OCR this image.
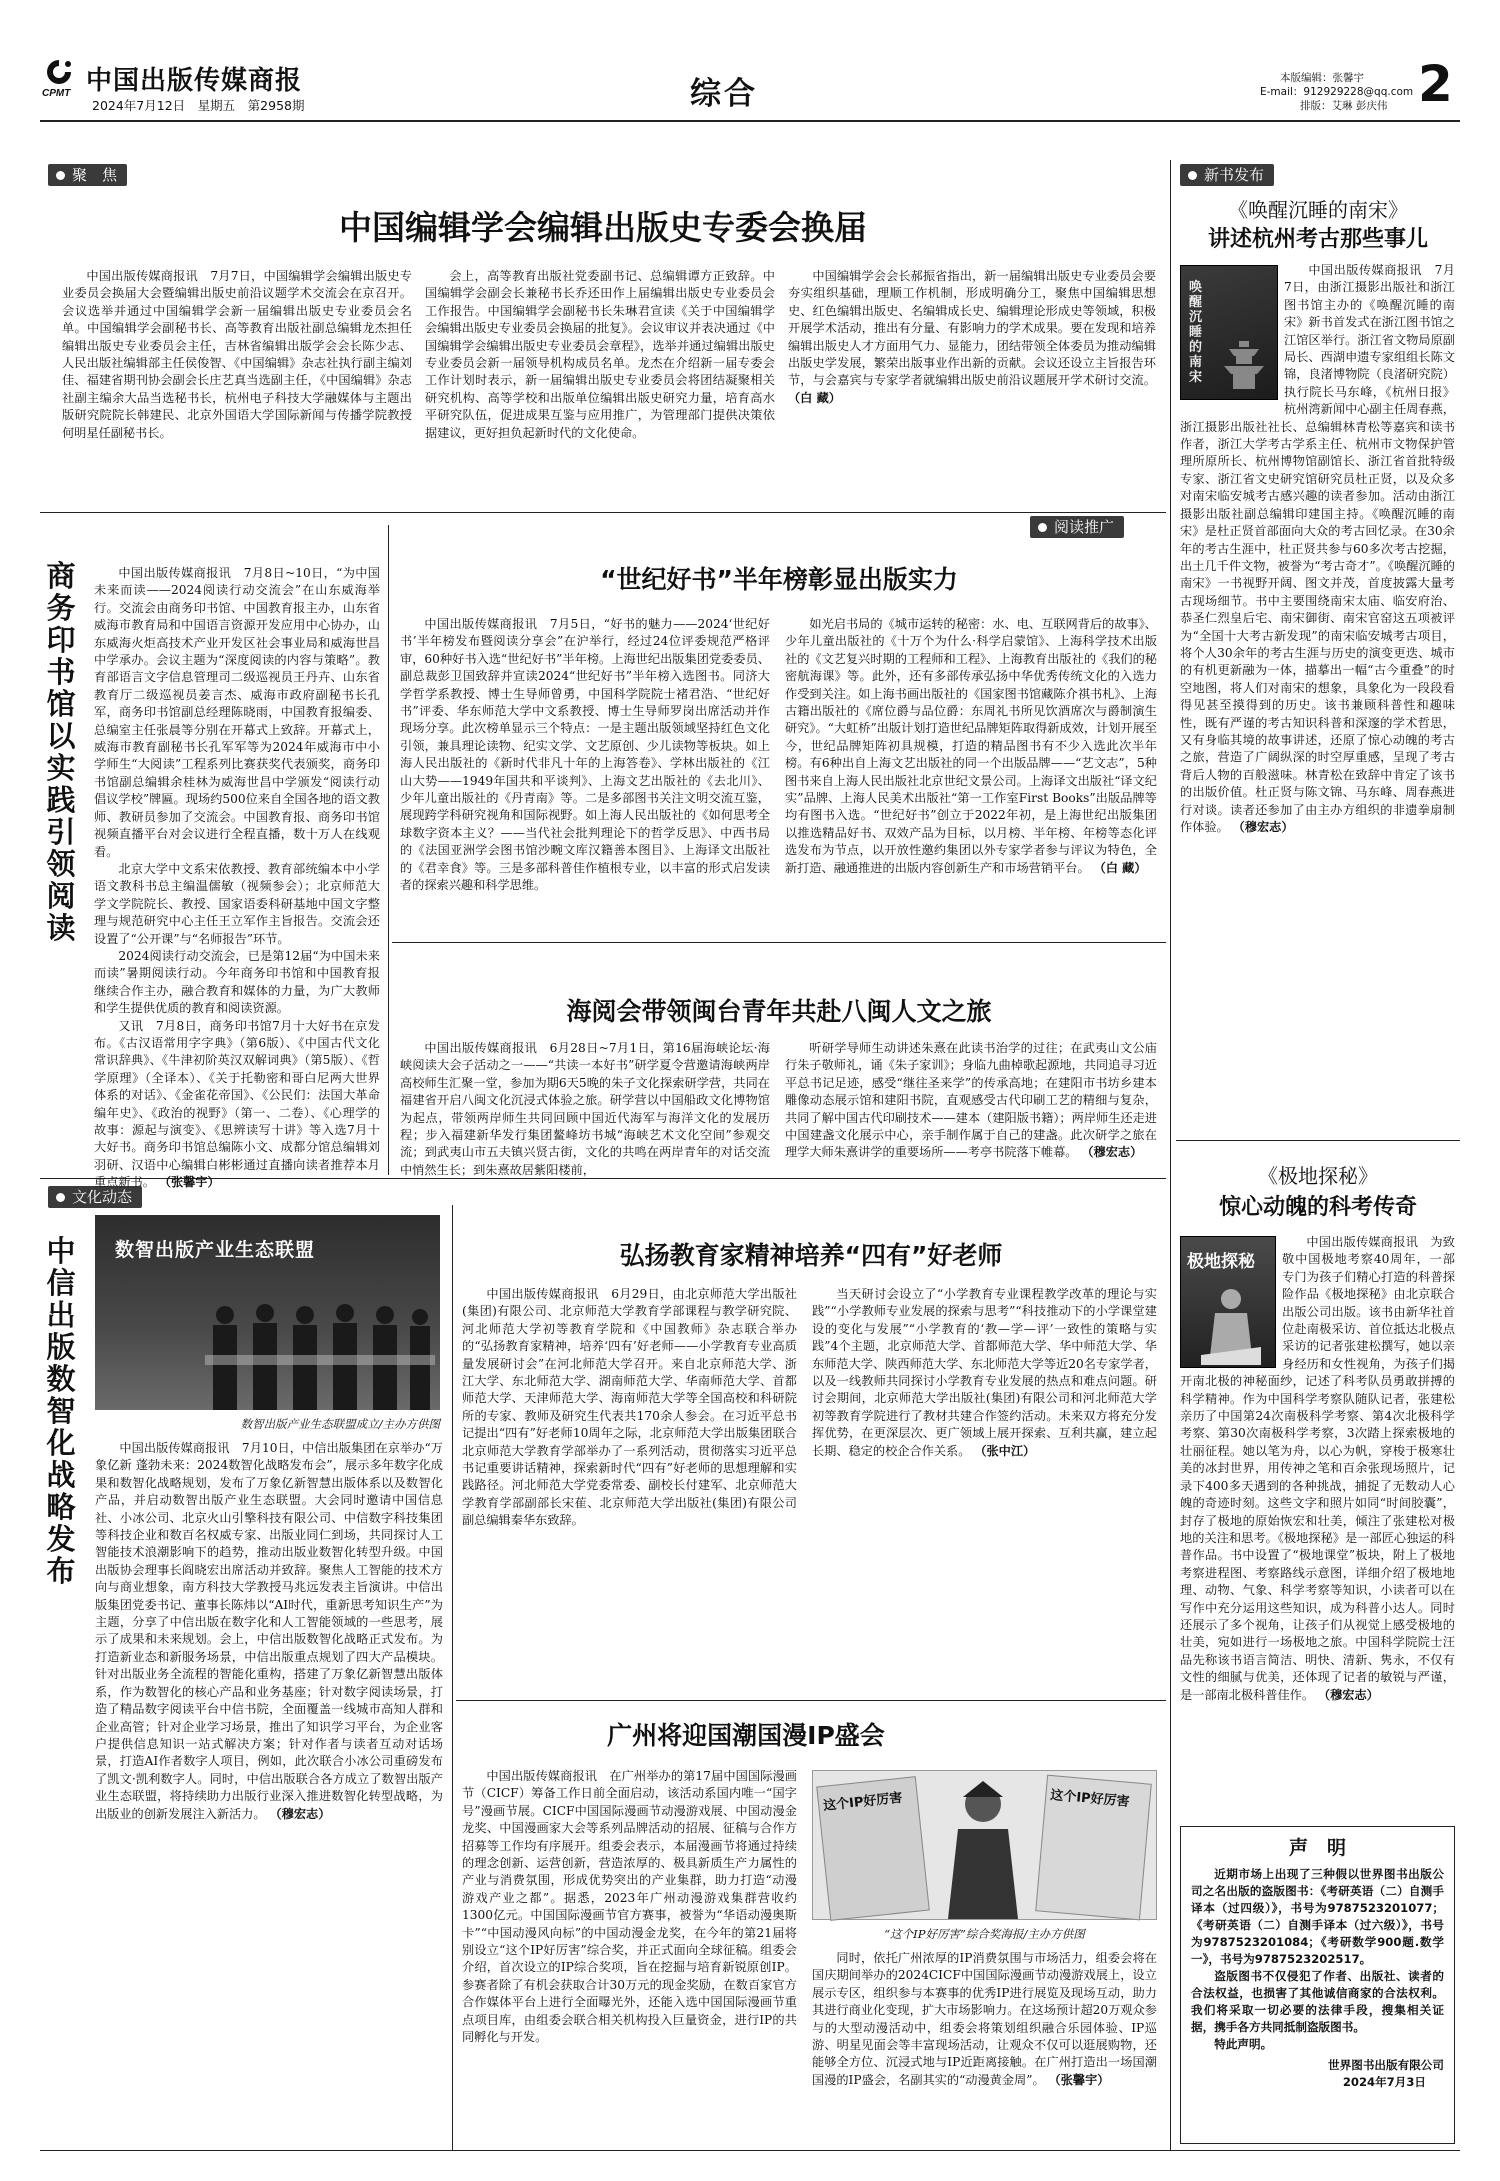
CPMT 中国出版传媒商报
2024年7月12日　星期五　第2958期	综合	本版编辑：张馨宇
E-mail：912929228@qq.com
排版：艾琳 彭庆伟 2
聚　焦	新书发布
阅读推广
文化动态
中国编辑学会编辑出版史专委会换届
中国出版传媒商报讯　7月7日，中国编辑学会编辑出版史专业委员会换届大会暨编辑出版史前沿议题学术交流会在京召开。会议选举并通过中国编辑学会新一届编辑出版史专业委员会名单。中国编辑学会副秘书长、高等教育出版社副总编辑龙杰担任编辑出版史专业委员会主任，吉林省编辑出版学会会长陈少志、人民出版社编辑部主任侯俊智、《中国编辑》杂志社执行副主编刘佳、福建省期刊协会副会长庄艺真当选副主任，《中国编辑》杂志社副主编余大品当选秘书长，杭州电子科技大学融媒体与主题出版研究院院长韩建民、北京外国语大学国际新闻与传播学院教授何明星任副秘书长。
会上，高等教育出版社党委副书记、总编辑谭方正致辞。中国编辑学会副会长兼秘书长乔还田作上届编辑出版史专业委员会工作报告。中国编辑学会副秘书长朱琳君宣读《关于中国编辑学会编辑出版史专业委员会换届的批复》。会议审议并表决通过《中国编辑学会编辑出版史专业委员会章程》，选举并通过编辑出版史专业委员会新一届领导机构成员名单。龙杰在介绍新一届专委会工作计划时表示，新一届编辑出版史专业委员会将团结凝聚相关研究机构、高等学校和出版单位编辑出版史研究力量，培育高水平研究队伍，促进成果互鉴与应用推广，为管理部门提供决策依据建议，更好担负起新时代的文化使命。
中国编辑学会会长郝振省指出，新一届编辑出版史专业委员会要夯实组织基础，理顺工作机制，形成明确分工，聚焦中国编辑思想史、红色编辑出版史、名编辑成长史、编辑理论形成史等领域，积极开展学术活动，推出有分量、有影响力的学术成果。要在发现和培养编辑出版史人才方面用气力、显能力，团结带领全体委员为推动编辑出版史学发展，繁荣出版事业作出新的贡献。会议还设立主旨报告环节，与会嘉宾与专家学者就编辑出版史前沿议题展开学术研讨交流。 （白 藏）
商务印书馆以实践引领阅读

中国出版传媒商报讯　7月8日~10日，“为中国未来而读——2024阅读行动交流会”在山东威海举行。交流会由商务印书馆、中国教育报主办，山东省威海市教育局和中国语言资源开发应用中心协办，山东威海火炬高技术产业开发区社会事业局和威海世昌中学承办。会议主题为“深度阅读的内容与策略”。教育部语言文字信息管理司二级巡视员王丹卉、山东省教育厅二级巡视员姜言杰、威海市政府副秘书长孔军，商务印书馆副总经理陈晓雨，中国教育报编委、总编室主任张晨等分别在开幕式上致辞。开幕式上，威海市教育副秘书长孔军军等为2024年威海市中小学师生“大阅读”工程系列比赛获奖代表颁奖，商务印书馆副总编辑余桂林为威海世昌中学颁发“阅读行动倡议学校”牌匾。现场约500位来自全国各地的语文教师、教研员参加了交流会。中国教育报、商务印书馆视频直播平台对会议进行全程直播，数十万人在线观看。

北京大学中文系宋依教授、教育部统编本中小学语文教科书总主编温儒敏（视频参会）；北京师范大学文学院院长、教授、国家语委科研基地中国文字整理与规范研究中心主任王立军作主旨报告。交流会还设置了“公开课”与“名师报告”环节。

2024阅读行动交流会，已是第12届“为中国未来而读”暑期阅读行动。今年商务印书馆和中国教育报继续合作主办，融合教育和媒体的力量，为广大教师和学生提供优质的教育和阅读资源。

又讯　7月8日，商务印书馆7月十大好书在京发布。《古汉语常用字字典》（第6版）、《中国古代文化常识辞典》、《牛津初阶英汉双解词典》（第5版）、《哲学原理》（全译本）、《关于托勒密和哥白尼两大世界体系的对话》、《金雀花帝国》、《公民们：法国大革命编年史》、《政治的视野》（第一、二卷）、《心理学的故事：源起与演变》、《思辨读写十讲》等入选7月十大好书。商务印书馆总编陈小文、成都分馆总编辑刘羽研、汉语中心编辑白彬彬通过直播向读者推荐本月重点新书。 （张馨宇）

“世纪好书”半年榜彰显出版实力
中国出版传媒商报讯　7月5日，“好书的魅力——2024‘世纪好书’半年榜发布暨阅读分享会”在沪举行，经过24位评委规范严格评审，60种好书入选“世纪好书”半年榜。上海世纪出版集团党委委员、副总裁彭卫国致辞并宣读2024“世纪好书”半年榜入选图书。同济大学哲学系教授、博士生导师曾勇，中国科学院院士褚君浩、“世纪好书”评委、华东师范大学中文系教授、博士生导师罗岗出席活动并作现场分享。此次榜单显示三个特点：一是主题出版领域坚持红色文化引领，兼具理论读物、纪实文学、文艺原创、少儿读物等板块。如上海人民出版社的《新时代非凡十年的上海答卷》、学林出版社的《江山大势——1949年国共和平谈判》、上海文艺出版社的《去北川》、少年儿童出版社的《丹青南》等。二是多部图书关注文明交流互鉴，展现跨学科研究视角和国际视野。如上海人民出版社的《如何思考全球数字资本主义？——当代社会批判理论下的哲学反思》、中西书局的《法国亚洲学会图书馆沙畹文库汉籍善本图目》、上海译文出版社的《君幸食》等。三是多部科普佳作植根专业，以丰富的形式启发读者的探索兴趣和科学思维。
如光启书局的《城市运转的秘密：水、电、互联网背后的故事》、少年儿童出版社的《十万个为什么·科学启蒙馆》、上海科学技术出版社的《文艺复兴时期的工程师和工程》、上海教育出版社的《我们的秘密航海课》等。此外，还有多部传承弘扬中华优秀传统文化的入选力作受到关注。如上海书画出版社的《国家图书馆藏陈介祺书札》、上海古籍出版社的《席位爵与品位爵：东周礼书所见饮酒席次与爵制演生研究》。“大虹桥”出版计划打造世纪品牌矩阵取得新成效，计划开展至今，世纪品牌矩阵初具规模，打造的精品图书有不少入选此次半年榜。有6种出自上海文艺出版社的同一个出版品牌——“艺文志”，5种图书来自上海人民出版社北京世纪文景公司。上海译文出版社“译文纪实”品牌、上海人民美术出版社“第一工作室First Books”出版品牌等均有图书入选。“世纪好书”创立于2022年初，是上海世纪出版集团以推选精品好书、双效产品为目标，以月榜、半年榜、年榜等态化评选发布为节点，以开放性邀约集团以外专家学者参与评议为特色，全新打造、融通推进的出版内容创新生产和市场营销平台。 （白 藏）
海阅会带领闽台青年共赴八闽人文之旅
中国出版传媒商报讯　6月28日~7月1日，第16届海峡论坛·海峡阅读大会子活动之一——“共读一本好书”研学夏令营邀请海峡两岸高校师生汇聚一堂，参加为期6天5晚的朱子文化探索研学营，共同在福建省开启八闽文化沉浸式体验之旅。研学营以中国船政文化博物馆为起点，带领两岸师生共同回顾中国近代海军与海洋文化的发展历程；步入福建新华发行集团鳌峰坊书城“海峡艺术文化空间”参观交流；到武夷山市五夫镇兴贤古街，文化的共鸣在两岸青年的对话交流中悄然生长；到朱熹故居紫阳楼前，
听研学导师生动讲述朱熹在此读书治学的过往；在武夷山文公庙行朱子敬师礼，诵《朱子家训》；身临九曲棹歌起源地，共同追寻习近平总书记足迹，感受“继往圣来学”的传承高地；在建阳市书坊乡建本雕像动态展示馆和建阳书院，直观感受古代印刷工艺的精细与复杂，共同了解中国古代印刷技术——建本（建阳版书籍）；两岸师生还走进中国建盏文化展示中心，亲手制作属于自己的建盏。此次研学之旅在理学大师朱熹讲学的重要场所——考亭书院落下帷幕。 （穆宏志）
中信出版数智化战略发布
数智出版产业生态联盟
数智出版产业生态联盟成立/主办方供图
中国出版传媒商报讯　7月10日，中信出版集团在京举办“万象亿新 蓬勃未来：2024数智化战略发布会”，展示多年数字化成果和数智化战略规划，发布了万象亿新智慧出版体系以及数智化产品，并启动数智出版产业生态联盟。大会同时邀请中国信息社、小冰公司、北京火山引擎科技有限公司、中信数字科技集团等科技企业和数百名权威专家、出版业同仁到场，共同探讨人工智能技术浪潮影响下的趋势，推动出版业数智化转型升级。中国出版协会理事长阎晓宏出席活动并致辞。聚焦人工智能的技术方向与商业想象，南方科技大学教授马兆远发表主旨演讲。中信出版集团党委书记、董事长陈炜以“AI时代，重新思考知识生产”为主题，分享了中信出版在数字化和人工智能领域的一些思考，展示了成果和未来规划。会上，中信出版数智化战略正式发布。为打造新业态和新服务场景，中信出版重点规划了四大产品模块。针对出版业务全流程的智能化重构，搭建了万象亿新智慧出版体系，作为数智化的核心产品和业务基座；针对数字阅读场景，打造了精品数字阅读平台中信书院，全面覆盖一线城市高知人群和企业高管；针对企业学习场景，推出了知识学习平台，为企业客户提供信息知识一站式解决方案；针对作者与读者互动对话场景，打造AI作者数字人项目，例如，此次联合小冰公司重磅发布了凯文·凯利数字人。同时，中信出版联合各方成立了数智出版产业生态联盟，将持续助力出版行业深入推进数智化转型战略，为出版业的创新发展注入新活力。 （穆宏志）
弘扬教育家精神培养“四有”好老师
中国出版传媒商报讯　6月29日，由北京师范大学出版社(集团)有限公司、北京师范大学教育学部课程与教学研究院、河北师范大学初等教育学院和《中国教师》杂志联合举办的“弘扬教育家精神，培养‘四有’好老师——小学教育专业高质量发展研讨会”在河北师范大学召开。来自北京师范大学、浙江大学、东北师范大学、湖南师范大学、华南师范大学、首都师范大学、天津师范大学、海南师范大学等全国高校和科研院所的专家、教师及研究生代表共170余人参会。在习近平总书记提出“四有”好老师10周年之际，北京师范大学出版集团联合北京师范大学教育学部举办了一系列活动，贯彻落实习近平总书记重要讲话精神，探索新时代“四有”好老师的思想理解和实践路径。河北师范大学党委常委、副校长付建军、北京师范大学教育学部副部长宋萑、北京师范大学出版社(集团)有限公司副总编辑秦华东致辞。
当天研讨会设立了“小学教育专业课程教学改革的理论与实践”“小学教师专业发展的探索与思考”“科技推动下的小学课堂建设的变化与发展”“小学教育的‘教—学—评’一致性的策略与实践”4个主题，北京师范大学、首都师范大学、华中师范大学、华东师范大学、陕西师范大学、东北师范大学等近20名专家学者，以及一线教师共同探讨小学教育专业发展的热点和难点问题。研讨会期间，北京师范大学出版社(集团)有限公司和河北师范大学初等教育学院进行了教材共建合作签约活动。未来双方将充分发挥优势，在更深层次、更广领域上展开探索、互利共赢，建立起长期、稳定的校企合作关系。 （张中江）
广州将迎国潮国漫IP盛会
中国出版传媒商报讯　在广州举办的第17届中国国际漫画节（CICF）筹备工作日前全面启动，该活动系国内唯一“国字号”漫画节展。CICF中国国际漫画节动漫游戏展、中国动漫金龙奖、中国漫画家大会等系列品牌活动的招展、征稿与合作方招募等工作均有序展开。组委会表示，本届漫画节将通过持续的理念创新、运营创新，营造浓厚的、极具新质生产力属性的产业与消费氛围，形成优势突出的产业集群，助力打造“动漫游戏产业之都”。据悉，2023年广州动漫游戏集群营收约1300亿元。中国国际漫画节官方赛事，被誉为“华语动漫奥斯卡”“中国动漫风向标”的中国动漫金龙奖，在今年的第21届将别设立“这个IP好厉害”综合奖，并正式面向全球征稿。组委会介绍，首次设立的IP综合奖项，旨在挖掘与培育新锐原创IP。参赛者除了有机会获取合计30万元的现金奖励，在数百家官方合作媒体平台上进行全面曝光外，还能入选中国国际漫画节重点项目库，由组委会联合相关机构投入巨量资金，进行IP的共同孵化与开发。
这个IP好厉害	这个IP好厉害
“这个IP好厉害”综合奖海报/主办方供图
同时，依托广州浓厚的IP消费氛围与市场活力，组委会将在国庆期间举办的2024CICF中国国际漫画节动漫游戏展上，设立展示专区，组织参与本赛事的优秀IP进行展览及现场互动，助力其进行商业化变现，扩大市场影响力。在这场预计超20万观众参与的大型动漫活动中，组委会将策划组织融合乐园体验、IP巡游、明星见面会等丰富现场活动，让观众不仅可以逛展购物，还能够全方位、沉浸式地与IP近距离接触。在广州打造出一场国潮国漫的IP盛会，名副其实的“动漫黄金周”。 （张馨宇）
《唤醒沉睡的南宋》
讲述杭州考古那些事儿
唤醒沉睡的南宋
中国出版传媒商报讯　7月7日，由浙江摄影出版社和浙江图书馆主办的《唤醒沉睡的南宋》新书首发式在浙江图书馆之江馆区举行。浙江省文物局原副局长、西湖申遗专家组组长陈文锦，良渚博物院（良渚研究院）执行院长马东峰，《杭州日报》杭州湾新闻中心副主任周春燕，浙江摄影出版社社长、总编辑林青松等嘉宾和读书作者，浙江大学考古学系主任、杭州市文物保护管理所原所长、杭州博物馆副馆长、浙江省首批特级专家、浙江省文史研究馆研究员杜正贤，以及众多对南宋临安城考古感兴趣的读者参加。活动由浙江摄影出版社副总编辑印建国主持。《唤醒沉睡的南宋》是杜正贤首部面向大众的考古回忆录。在30余年的考古生涯中，杜正贤共参与60多次考古挖掘，出土几千件文物，被誉为“考古奇才”。《唤醒沉睡的南宋》一书视野开阔、图文并茂，首度披露大量考古现场细节。书中主要围绕南宋太庙、临安府治、恭圣仁烈皇后宅、南宋御街、南宋官窑这五项被评为“全国十大考古新发现”的南宋临安城考古项目，将个人30余年的考古生涯与历史的演变更迭、城市的有机更新融为一体，描摹出一幅“古今重叠”的时空地图，将人们对南宋的想象，具象化为一段段看得见甚至摸得到的历史。该书兼顾科普性和趣味性，既有严谨的考古知识科普和深邃的学术哲思，又有身临其境的故事讲述，还原了惊心动魄的考古之旅，营造了广阔纵深的时空厚重感，呈现了考古背后人物的百般滋味。林青松在致辞中肯定了该书的出版价值。杜正贤与陈文锦、马东峰、周春燕进行对谈。读者还参加了由主办方组织的非遗拳扇制作体验。 （穆宏志）
《极地探秘》
惊心动魄的科考传奇
极地探秘
中国出版传媒商报讯　为致敬中国极地考察40周年，一部专门为孩子们精心打造的科普探险作品《极地探秘》由北京联合出版公司出版。该书由新华社首位赴南极采访、首位抵达北极点采访的记者张建松撰写，她以亲身经历和女性视角，为孩子们揭开南北极的神秘面纱，记述了科考队员勇敢拼搏的科学精神。作为中国科学考察队随队记者，张建松亲历了中国第24次南极科学考察、第4次北极科学考察、第30次南极科学考察，3次踏上探索极地的壮丽征程。她以笔为舟，以心为帆，穿梭于极寒壮美的冰封世界，用传神之笔和百余张现场照片，记录下400多天遇到的各种挑战，捕捉了无数动人心魄的奇迹时刻。这些文字和照片如同“时间胶囊”，封存了极地的原始恢宏和壮美，倾注了张建松对极地的关注和思考。《极地探秘》是一部匠心独运的科普作品。书中设置了“极地课堂”板块，附上了极地考察进程图、考察路线示意图，详细介绍了极地地理、动物、气象、科学考察等知识，小读者可以在写作中充分运用这些知识，成为科普小达人。同时还展示了多个视角，让孩子们从视觉上感受极地的壮美，宛如进行一场极地之旅。中国科学院院士汪品先称该书语言简洁、明快、清新、隽永，不仅有文性的细腻与优美，还体现了记者的敏锐与严谨，是一部南北极科普佳作。 （穆宏志）
声　明

近期市场上出现了三种假以世界图书出版公司之名出版的盗版图书：《考研英语（二）自测手译本（过四级）》，书号为9787523201077；《考研英语（二）自测手译本（过六级）》，书号为9787523201084；《考研数学900题.数学一》，书号为9787523202517。

盗版图书不仅侵犯了作者、出版社、读者的合法权益，也损害了其他诚信商家的合法权利。我们将采取一切必要的法律手段，搜集相关证据，携手各方共同抵制盗版图书。

特此声明。

世界图书出版有限公司

2024年7月3日
